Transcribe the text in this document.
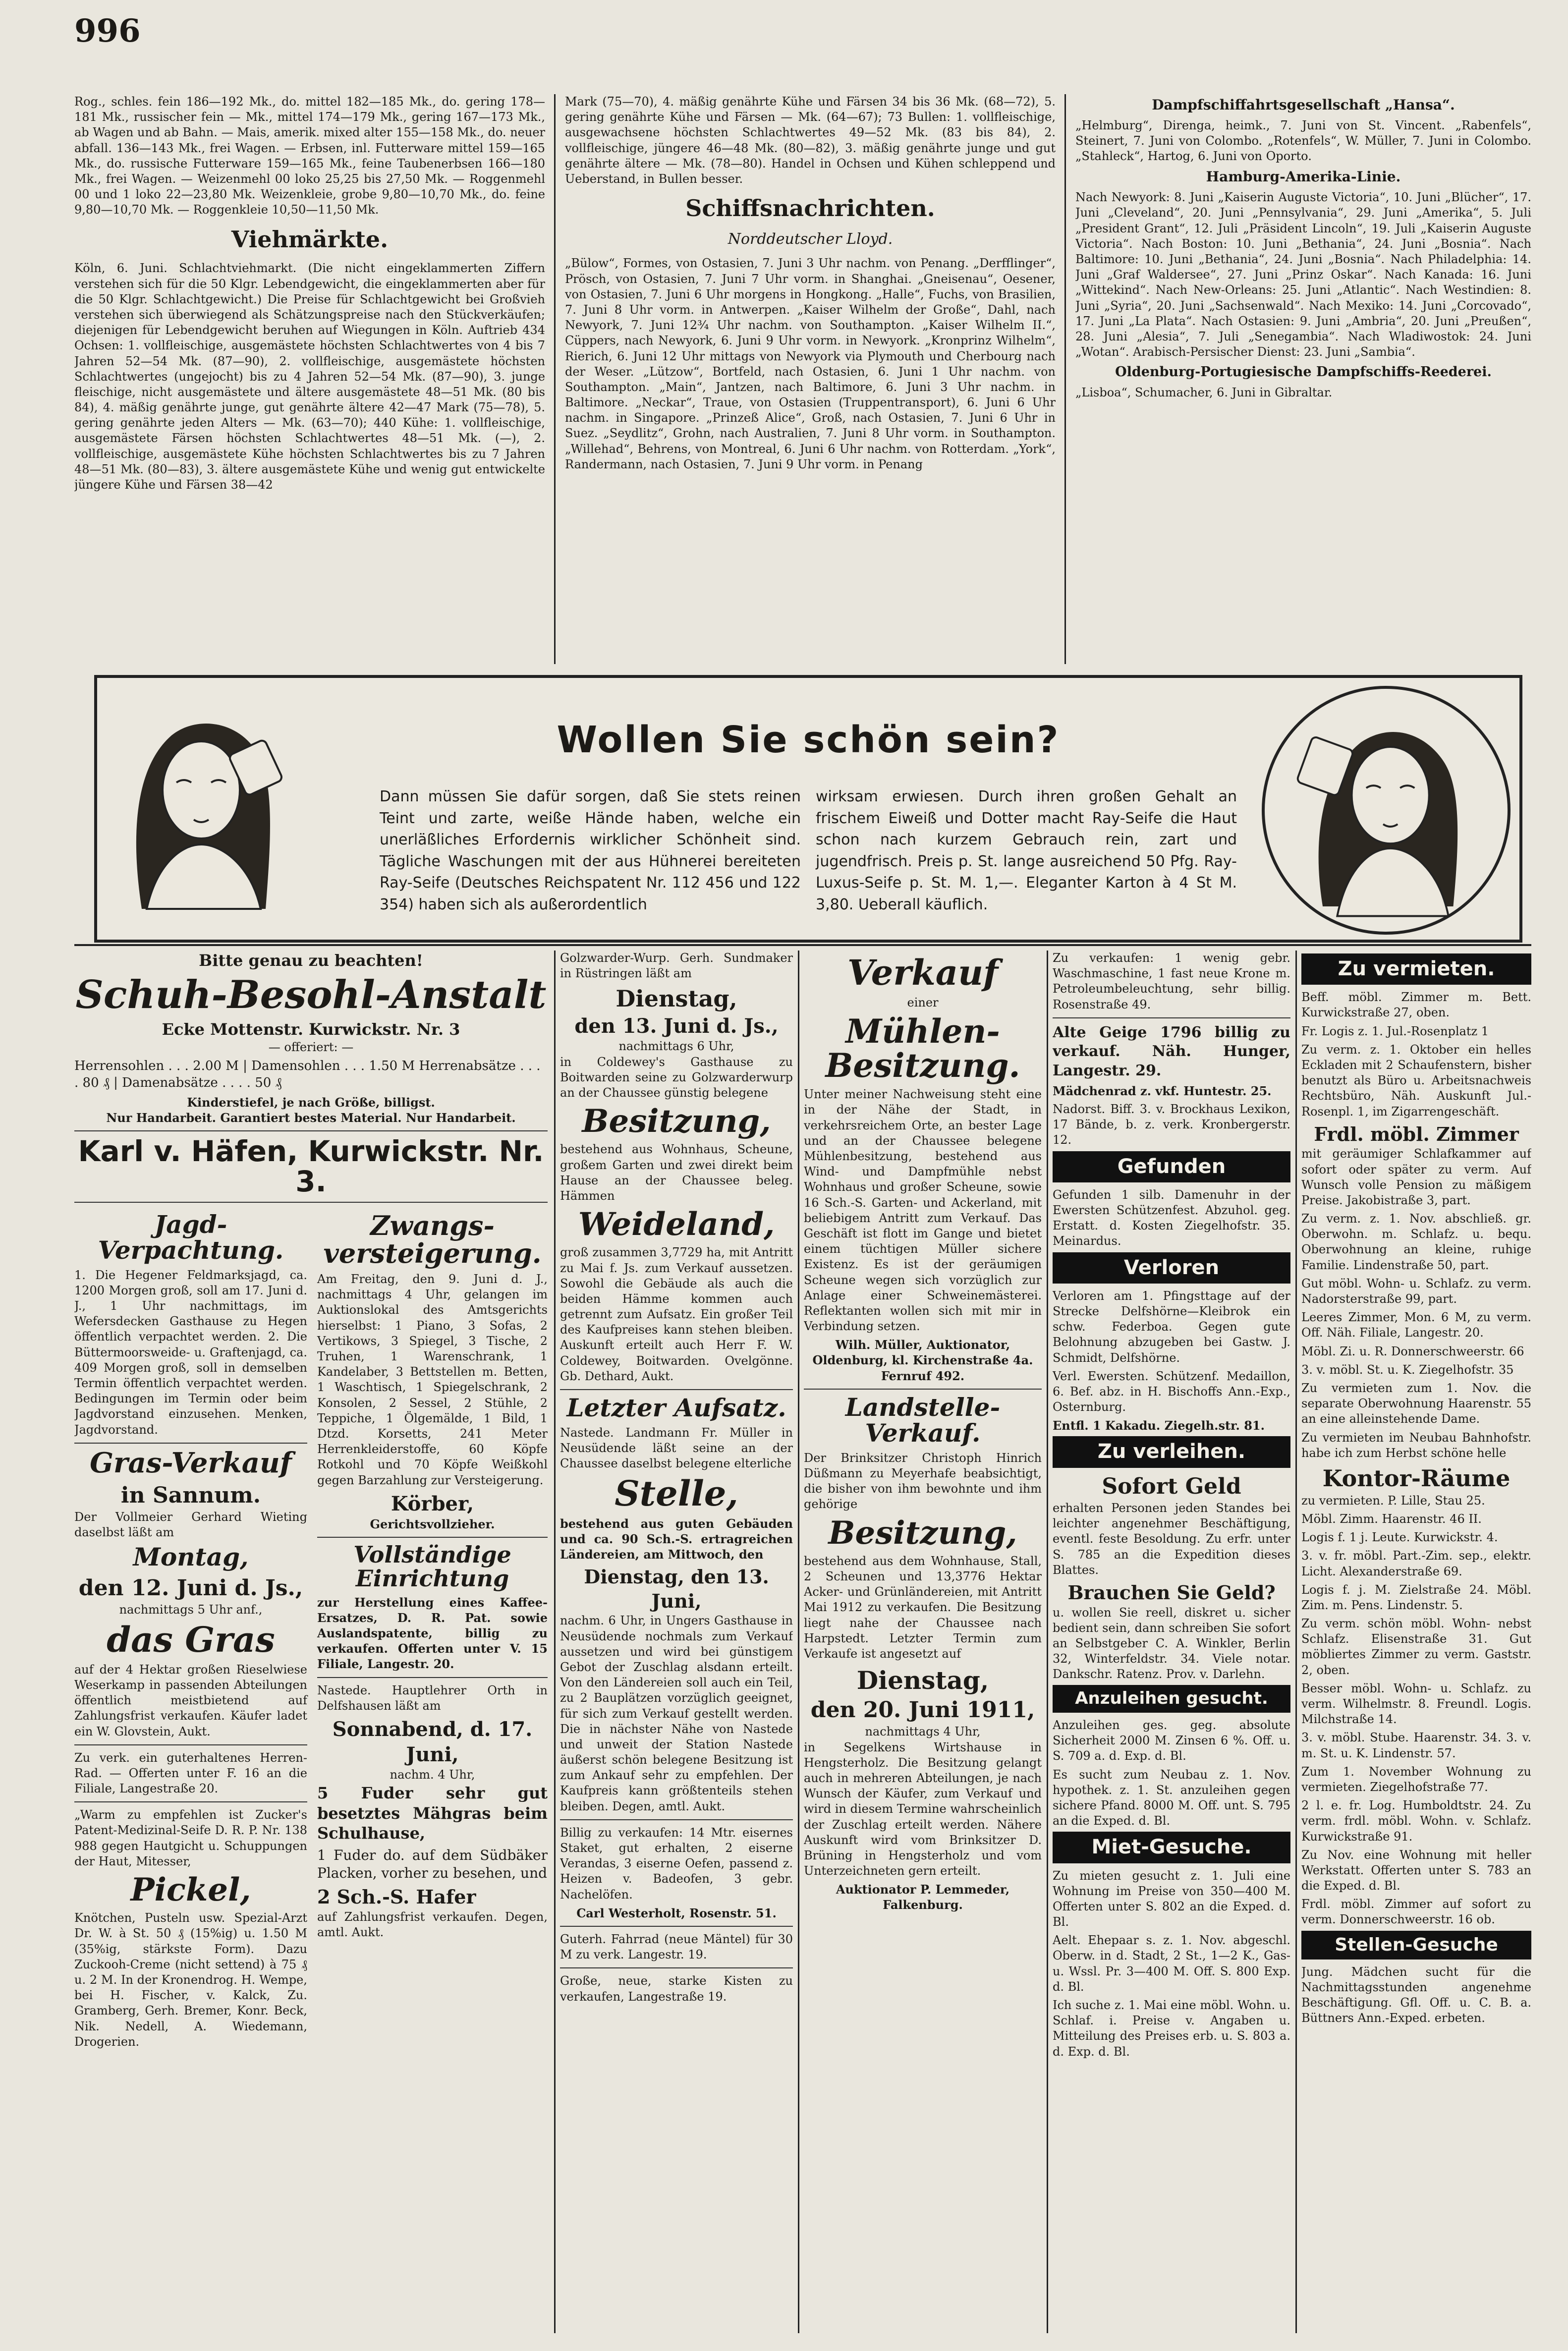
996

Rog., schles. fein 186—192 Mk., do. mittel 182—185 Mk., do. gering 178—181 Mk., russischer fein — Mk., mittel 174—179 Mk., gering 167—173 Mk., ab Wagen und ab Bahn. — Mais, amerik. mixed alter 155—158 Mk., do. neuer abfall. 136—143 Mk., frei Wagen. — Erbsen, inl. Futterware mittel 159—165 Mk., do. russische Futterware 159—165 Mk., feine Taubenerbsen 166—180 Mk., frei Wagen. — Weizenmehl 00 loko 25,25 bis 27,50 Mk. — Roggenmehl 00 und 1 loko 22—23,80 Mk. Weizenkleie, grobe 9,80—10,70 Mk., do. feine 9,80—10,70 Mk. — Roggenkleie 10,50—11,50 Mk.

Viehmärkte.

Köln, 6. Juni. Schlachtviehmarkt. (Die nicht eingeklammerten Ziffern verstehen sich für die 50 Klgr. Lebendgewicht, die eingeklammerten aber für die 50 Klgr. Schlachtgewicht.) Die Preise für Schlachtgewicht bei Großvieh verstehen sich überwiegend als Schätzungspreise nach den Stückverkäufen; diejenigen für Lebendgewicht beruhen auf Wiegungen in Köln. Auftrieb 434 Ochsen: 1. vollfleischige, ausgemästete höchsten Schlachtwertes von 4 bis 7 Jahren 52—54 Mk. (87—90), 2. vollfleischige, ausgemästete höchsten Schlachtwertes (ungejocht) bis zu 4 Jahren 52—54 Mk. (87—90), 3. junge fleischige, nicht ausgemästete und ältere ausgemästete 48—51 Mk. (80 bis 84), 4. mäßig genährte junge, gut genährte ältere 42—47 Mark (75—78), 5. gering genährte jeden Alters — Mk. (63—70); 440 Kühe: 1. vollfleischige, ausgemästete Färsen höchsten Schlachtwertes 48—51 Mk. (—), 2. vollfleischige, ausgemästete Kühe höchsten Schlachtwertes bis zu 7 Jahren 48—51 Mk. (80—83), 3. ältere ausgemästete Kühe und wenig gut entwickelte jüngere Kühe und Färsen 38—42

Mark (75—70), 4. mäßig genährte Kühe und Färsen 34 bis 36 Mk. (68—72), 5. gering genährte Kühe und Färsen — Mk. (64—67); 73 Bullen: 1. vollfleischige, ausgewachsene höchsten Schlachtwertes 49—52 Mk. (83 bis 84), 2. vollfleischige, jüngere 46—48 Mk. (80—82), 3. mäßig genährte junge und gut genährte ältere — Mk. (78—80). Handel in Ochsen und Kühen schleppend und Ueberstand, in Bullen besser.

Schiffsnachrichten.
Norddeutscher Lloyd.

„Bülow“, Formes, von Ostasien, 7. Juni 3 Uhr nachm. von Penang. „Derfflinger“, Prösch, von Ostasien, 7. Juni 7 Uhr vorm. in Shanghai. „Gneisenau“, Oesener, von Ostasien, 7. Juni 6 Uhr morgens in Hongkong. „Halle“, Fuchs, von Brasilien, 7. Juni 8 Uhr vorm. in Antwerpen. „Kaiser Wilhelm der Große“, Dahl, nach Newyork, 7. Juni 12¾ Uhr nachm. von Southampton. „Kaiser Wilhelm II.“, Cüppers, nach Newyork, 6. Juni 9 Uhr vorm. in Newyork. „Kronprinz Wilhelm“, Rierich, 6. Juni 12 Uhr mittags von Newyork via Plymouth und Cherbourg nach der Weser. „Lützow“, Bortfeld, nach Ostasien, 6. Juni 1 Uhr nachm. von Southampton. „Main“, Jantzen, nach Baltimore, 6. Juni 3 Uhr nachm. in Baltimore. „Neckar“, Traue, von Ostasien (Truppentransport), 6. Juni 6 Uhr nachm. in Singapore. „Prinzeß Alice“, Groß, nach Ostasien, 7. Juni 6 Uhr in Suez. „Seydlitz“, Grohn, nach Australien, 7. Juni 8 Uhr vorm. in Southampton. „Willehad“, Behrens, von Montreal, 6. Juni 6 Uhr nachm. von Rotterdam. „York“, Randermann, nach Ostasien, 7. Juni 9 Uhr vorm. in Penang

Dampfschiffahrtsgesellschaft „Hansa“.

„Helmburg“, Direnga, heimk., 7. Juni von St. Vincent. „Rabenfels“, Steinert, 7. Juni von Colombo. „Rotenfels“, W. Müller, 7. Juni in Colombo. „Stahleck“, Hartog, 6. Juni von Oporto.

Hamburg-Amerika-Linie.

Nach Newyork: 8. Juni „Kaiserin Auguste Victoria“, 10. Juni „Blücher“, 17. Juni „Cleveland“, 20. Juni „Pennsylvania“, 29. Juni „Amerika“, 5. Juli „President Grant“, 12. Juli „Präsident Lincoln“, 19. Juli „Kaiserin Auguste Victoria“. Nach Boston: 10. Juni „Bethania“, 24. Juni „Bosnia“. Nach Baltimore: 10. Juni „Bethania“, 24. Juni „Bosnia“. Nach Philadelphia: 14. Juni „Graf Waldersee“, 27. Juni „Prinz Oskar“. Nach Kanada: 16. Juni „Wittekind“. Nach New-Orleans: 25. Juni „Atlantic“. Nach Westindien: 8. Juni „Syria“, 20. Juni „Sachsenwald“. Nach Mexiko: 14. Juni „Corcovado“, 17. Juni „La Plata“. Nach Ostasien: 9. Juni „Ambria“, 20. Juni „Preußen“, 28. Juni „Alesia“, 7. Juli „Senegambia“. Nach Wladiwostok: 24. Juni „Wotan“. Arabisch-Persischer Dienst: 23. Juni „Sambia“.

Oldenburg-Portugiesische Dampfschiffs-Reederei.

„Lisboa“, Schumacher, 6. Juni in Gibraltar.

Wollen Sie schön sein?
Dann müssen Sie dafür sorgen, daß Sie stets reinen Teint und zarte, weiße Hände haben, welche ein unerläßliches Erfordernis wirklicher Schönheit sind. Tägliche Waschungen mit der aus Hühnerei bereiteten Ray-Seife (Deutsches Reichspatent Nr. 112 456 und 122 354) haben sich als außerordentlich
wirksam erwiesen. Durch ihren großen Gehalt an frischem Eiweiß und Dotter macht Ray-Seife die Haut schon nach kurzem Gebrauch rein, zart und jugendfrisch. Preis p. St. lange ausreichend 50 Pfg. Ray-Luxus-Seife p. St. M. 1,—. Eleganter Karton à 4 St M. 3,80. Ueberall käuflich.
Bitte genau zu beachten!
Schuh-Besohl-Anstalt
Ecke Mottenstr. Kurwickstr. Nr. 3
— offeriert: —
Herrensohlen . . . 2.00 M | Damensohlen . . . 1.50 M Herrenabsätze . . . . 80 ₰ | Damenabsätze . . . . 50 ₰
Kinderstiefel, je nach Größe, billigst.
Nur Handarbeit. Garantiert bestes Material. Nur Handarbeit.
Karl v. Häfen, Kurwickstr. Nr. 3.
Jagd-Verpachtung.

1. Die Hegener Feldmarksjagd, ca. 1200 Morgen groß, soll am 17. Juni d. J., 1 Uhr nachmittags, im Wefersdecken Gasthause zu Hegen öffentlich verpachtet werden. 2. Die Büttermoorsweide- u. Graftenjagd, ca. 409 Morgen groß, soll in demselben Termin öffentlich verpachtet werden. Bedingungen im Termin oder beim Jagdvorstand einzusehen. Menken, Jagdvorstand.

Gras-Verkauf
in Sannum.

Der Vollmeier Gerhard Wieting daselbst läßt am

Montag,
den 12. Juni d. Js.,
nachmittags 5 Uhr anf.,
das Gras

auf der 4 Hektar großen Rieselwiese Weserkamp in passenden Abteilungen öffentlich meistbietend auf Zahlungsfrist verkaufen. Käufer ladet ein W. Glovstein, Aukt.

Zu verk. ein guterhaltenes Herren-Rad. — Offerten unter F. 16 an die Filiale, Langestraße 20.

„Warm zu empfehlen ist Zucker's Patent-Medizinal-Seife D. R. P. Nr. 138 988 gegen Hautgicht u. Schuppungen der Haut, Mitesser,

Pickel,

Knötchen, Pusteln usw. Spezial-Arzt Dr. W. à St. 50 ₰ (15%ig) u. 1.50 M (35%ig, stärkste Form). Dazu Zuckooh-Creme (nicht settend) à 75 ₰ u. 2 M. In der Kronendrog. H. Wempe, bei H. Fischer, v. Kalck, Zu. Gramberg, Gerh. Bremer, Konr. Beck, Nik. Nedell, A. Wiedemann, Drogerien.

Zwangs-versteigerung.

Am Freitag, den 9. Juni d. J., nachmittags 4 Uhr, gelangen im Auktionslokal des Amtsgerichts hierselbst: 1 Piano, 3 Sofas, 2 Vertikows, 3 Spiegel, 3 Tische, 2 Truhen, 1 Warenschrank, 1 Kandelaber, 3 Bettstellen m. Betten, 1 Waschtisch, 1 Spiegelschrank, 2 Konsolen, 2 Sessel, 2 Stühle, 2 Teppiche, 1 Ölgemälde, 1 Bild, 1 Dtzd. Korsetts, 241 Meter Herrenkleiderstoffe, 60 Köpfe Rotkohl und 70 Köpfe Weißkohl gegen Barzahlung zur Versteigerung.

Körber,
Gerichtsvollzieher.
Vollständige Einrichtung

zur Herstellung eines Kaffee-Ersatzes, D. R. Pat. sowie Auslandspatente, billig zu verkaufen. Offerten unter V. 15 Filiale, Langestr. 20.

Nastede. Hauptlehrer Orth in Delfshausen läßt am

Sonnabend, d. 17. Juni,
nachm. 4 Uhr,

5 Fuder sehr gut besetztes Mähgras beim Schulhause,

1 Fuder do. auf dem Südbäker Placken, vorher zu besehen, und

2 Sch.-S. Hafer

auf Zahlungsfrist verkaufen. Degen, amtl. Aukt.

Golzwarder-Wurp. Gerh. Sundmaker in Rüstringen läßt am

Dienstag,
den 13. Juni d. Js.,
nachmittags 6 Uhr,

in Coldewey's Gasthause zu Boitwarden seine zu Golzwarderwurp an der Chaussee günstig belegene

Besitzung,

bestehend aus Wohnhaus, Scheune, großem Garten und zwei direkt beim Hause an der Chaussee beleg. Hämmen

Weideland,

groß zusammen 3,7729 ha, mit Antritt zu Mai f. Js. zum Verkauf aussetzen. Sowohl die Gebäude als auch die beiden Hämme kommen auch getrennt zum Aufsatz. Ein großer Teil des Kaufpreises kann stehen bleiben. Auskunft erteilt auch Herr F. W. Coldewey, Boitwarden. Ovelgönne. Gb. Dethard, Aukt.

Letzter Aufsatz.

Nastede. Landmann Fr. Müller in Neusüdende läßt seine an der Chaussee daselbst belegene elterliche

Stelle,

bestehend aus guten Gebäuden und ca. 90 Sch.-S. ertragreichen Ländereien, am Mittwoch, den

Dienstag, den 13. Juni,

nachm. 6 Uhr, in Ungers Gasthause in Neusüdende nochmals zum Verkauf aussetzen und wird bei günstigem Gebot der Zuschlag alsdann erteilt. Von den Ländereien soll auch ein Teil, zu 2 Bauplätzen vorzüglich geeignet, für sich zum Verkauf gestellt werden. Die in nächster Nähe von Nastede und unweit der Station Nastede äußerst schön belegene Besitzung ist zum Ankauf sehr zu empfehlen. Der Kaufpreis kann größtenteils stehen bleiben. Degen, amtl. Aukt.

Billig zu verkaufen: 14 Mtr. eisernes Staket, gut erhalten, 2 eiserne Verandas, 3 eiserne Oefen, passend z. Heizen v. Badeofen, 3 gebr. Nachelöfen.

Carl Westerholt, Rosenstr. 51.

Guterh. Fahrrad (neue Mäntel) für 30 M zu verk. Langestr. 19.

Große, neue, starke Kisten zu verkaufen, Langestraße 19.

Verkauf
einer
Mühlen-Besitzung.

Unter meiner Nachweisung steht eine in der Nähe der Stadt, in verkehrsreichem Orte, an bester Lage und an der Chaussee belegene Mühlenbesitzung, bestehend aus Wind- und Dampfmühle nebst Wohnhaus und großer Scheune, sowie 16 Sch.-S. Garten- und Ackerland, mit beliebigem Antritt zum Verkauf. Das Geschäft ist flott im Gange und bietet einem tüchtigen Müller sichere Existenz. Es ist der geräumigen Scheune wegen sich vorzüglich zur Anlage einer Schweinemästerei. Reflektanten wollen sich mit mir in Verbindung setzen.

Wilh. Müller, Auktionator, Oldenburg, kl. Kirchenstraße 4a. Fernruf 492.

Landstelle-Verkauf.

Der Brinksitzer Christoph Hinrich Düßmann zu Meyerhafe beabsichtigt, die bisher von ihm bewohnte und ihm gehörige

Besitzung,

bestehend aus dem Wohnhause, Stall, 2 Scheunen und 13,3776 Hektar Acker- und Grünländereien, mit Antritt Mai 1912 zu verkaufen. Die Besitzung liegt nahe der Chaussee nach Harpstedt. Letzter Termin zum Verkaufe ist angesetzt auf

Dienstag,
den 20. Juni 1911,
nachmittags 4 Uhr,

in Segelkens Wirtshause in Hengsterholz. Die Besitzung gelangt auch in mehreren Abteilungen, je nach Wunsch der Käufer, zum Verkauf und wird in diesem Termine wahrscheinlich der Zuschlag erteilt werden. Nähere Auskunft wird vom Brinksitzer D. Brüning in Hengsterholz und vom Unterzeichneten gern erteilt.

Auktionator P. Lemmeder, Falkenburg.

Zu verkaufen: 1 wenig gebr. Waschmaschine, 1 fast neue Krone m. Petroleumbeleuchtung, sehr billig. Rosenstraße 49.

Alte Geige 1796 billig zu verkauf. Näh. Hunger, Langestr. 29.

Mädchenrad z. vkf. Huntestr. 25.

Nadorst. Biff. 3. v. Brockhaus Lexikon, 17 Bände, b. z. verk. Kronbergerstr. 12.

Gefunden

Gefunden 1 silb. Damenuhr in der Ewersten Schützenfest. Abzuhol. geg. Erstatt. d. Kosten Ziegelhofstr. 35. Meinardus.

Verloren

Verloren am 1. Pfingsttage auf der Strecke Delfshörne—Kleibrok ein schw. Federboa. Gegen gute Belohnung abzugeben bei Gastw. J. Schmidt, Delfshörne.

Verl. Ewersten. Schützenf. Medaillon, 6. Bef. abz. in H. Bischoffs Ann.-Exp., Osternburg.

Entfl. 1 Kakadu. Ziegelh.str. 81.

Zu verleihen.
Sofort Geld

erhalten Personen jeden Standes bei leichter angenehmer Beschäftigung, eventl. feste Besoldung. Zu erfr. unter S. 785 an die Expedition dieses Blattes.

Brauchen Sie Geld?

u. wollen Sie reell, diskret u. sicher bedient sein, dann schreiben Sie sofort an Selbstgeber C. A. Winkler, Berlin 32, Winterfeldstr. 34. Viele notar. Dankschr. Ratenz. Prov. v. Darlehn.

Anzuleihen gesucht.

Anzuleihen ges. geg. absolute Sicherheit 2000 M. Zinsen 6 %. Off. u. S. 709 a. d. Exp. d. Bl.

Es sucht zum Neubau z. 1. Nov. hypothek. z. 1. St. anzuleihen gegen sichere Pfand. 8000 M. Off. unt. S. 795 an die Exped. d. Bl.

Miet-Gesuche.

Zu mieten gesucht z. 1. Juli eine Wohnung im Preise von 350—400 M. Offerten unter S. 802 an die Exped. d. Bl.

Aelt. Ehepaar s. z. 1. Nov. abgeschl. Oberw. in d. Stadt, 2 St., 1—2 K., Gas- u. Wssl. Pr. 3—400 M. Off. S. 800 Exp. d. Bl.

Ich suche z. 1. Mai eine möbl. Wohn. u. Schlaf. i. Preise v. Angaben u. Mitteilung des Preises erb. u. S. 803 a. d. Exp. d. Bl.

Zu vermieten.

Beff. möbl. Zimmer m. Bett. Kurwickstraße 27, oben.

Fr. Logis z. 1. Jul.-Rosenplatz 1

Zu verm. z. 1. Oktober ein helles Eckladen mit 2 Schaufenstern, bisher benutzt als Büro u. Arbeitsnachweis Rechtsbüro, Näh. Auskunft Jul.-Rosenpl. 1, im Zigarrengeschäft.

Frdl. möbl. Zimmer

mit geräumiger Schlafkammer auf sofort oder später zu verm. Auf Wunsch volle Pension zu mäßigem Preise. Jakobistraße 3, part.

Zu verm. z. 1. Nov. abschließ. gr. Oberwohn. m. Schlafz. u. bequ. Oberwohnung an kleine, ruhige Familie. Lindenstraße 50, part.

Gut möbl. Wohn- u. Schlafz. zu verm. Nadorsterstraße 99, part.

Leeres Zimmer, Mon. 6 M, zu verm. Off. Näh. Filiale, Langestr. 20.

Möbl. Zi. u. R. Donnerschweerstr. 66

3. v. möbl. St. u. K. Ziegelhofstr. 35

Zu vermieten zum 1. Nov. die separate Oberwohnung Haarenstr. 55 an eine alleinstehende Dame.

Zu vermieten im Neubau Bahnhofstr. habe ich zum Herbst schöne helle

Kontor-Räume

zu vermieten. P. Lille, Stau 25.

Möbl. Zimm. Haarenstr. 46 II.

Logis f. 1 j. Leute. Kurwickstr. 4.

3. v. fr. möbl. Part.-Zim. sep., elektr. Licht. Alexanderstraße 69.

Logis f. j. M. Zielstraße 24. Möbl. Zim. m. Pens. Lindenstr. 5.

Zu verm. schön möbl. Wohn- nebst Schlafz. Elisenstraße 31. Gut möbliertes Zimmer zu verm. Gaststr. 2, oben.

Besser möbl. Wohn- u. Schlafz. zu verm. Wilhelmstr. 8. Freundl. Logis. Milchstraße 14.

3. v. möbl. Stube. Haarenstr. 34. 3. v. m. St. u. K. Lindenstr. 57.

Zum 1. November Wohnung zu vermieten. Ziegelhofstraße 77.

2 l. e. fr. Log. Humboldtstr. 24. Zu verm. frdl. möbl. Wohn. v. Schlafz. Kurwickstraße 91.

Zu Nov. eine Wohnung mit heller Werkstatt. Offerten unter S. 783 an die Exped. d. Bl.

Frdl. möbl. Zimmer auf sofort zu verm. Donnerschweerstr. 16 ob.

Stellen-Gesuche

Jung. Mädchen sucht für die Nachmittagsstunden angenehme Beschäftigung. Gfl. Off. u. C. B. a. Büttners Ann.-Exped. erbeten.
